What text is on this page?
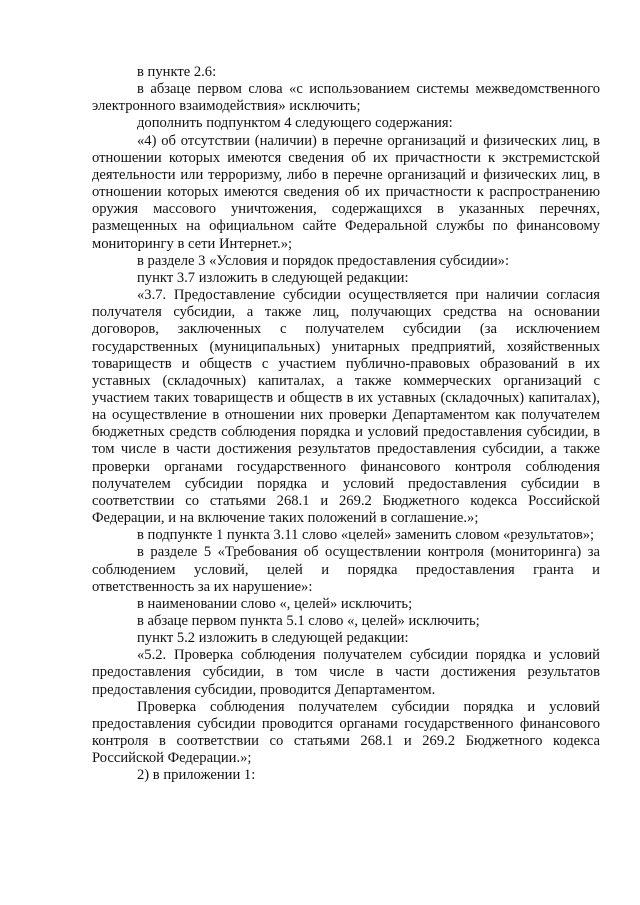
в пункте 2.6:

в абзаце первом слова «с использованием системы межведомственного электронного взаимодействия» исключить;

дополнить подпунктом 4 следующего содержания:

«4) об отсутствии (наличии) в перечне организаций и физических лиц, в отношении которых имеются сведения об их причастности к экстремистской деятельности или терроризму, либо в перечне организаций и физических лиц, в отношении которых имеются сведения об их причастности к распространению оружия массового уничтожения, содержащихся в указанных перечнях, размещенных на официальном сайте Федеральной службы по финансовому мониторингу в сети Интернет.»;

в разделе 3 «Условия и порядок предоставления субсидии»:

пункт 3.7 изложить в следующей редакции:

«3.7. Предоставление субсидии осуществляется при наличии согласия получателя субсидии, а также лиц, получающих средства на основании договоров, заключенных с получателем субсидии (за исключением государственных (муниципальных) унитарных предприятий, хозяйственных товариществ и обществ с участием публично-правовых образований в их уставных (складочных) капиталах, а также коммерческих организаций с участием таких товариществ и обществ в их уставных (складочных) капиталах), на осуществление в отношении них проверки Департаментом как получателем бюджетных средств соблюдения порядка и условий предоставления субсидии, в том числе в части достижения результатов предоставления субсидии, а также проверки органами государственного финансового контроля соблюдения получателем субсидии порядка и условий предоставления субсидии в соответствии со статьями 268.1 и 269.2 Бюджетного кодекса Российской Федерации, и на включение таких положений в соглашение.»;

в подпункте 1 пункта 3.11 слово «целей» заменить словом «результатов»;

в разделе 5 «Требования об осуществлении контроля (мониторинга) за соблюдением условий, целей и порядка предоставления гранта и ответственность за их нарушение»:

в наименовании слово «, целей» исключить;

в абзаце первом пункта 5.1 слово «, целей» исключить;

пункт 5.2 изложить в следующей редакции:

«5.2. Проверка соблюдения получателем субсидии порядка и условий предоставления субсидии, в том числе в части достижения результатов предоставления субсидии, проводится Департаментом.

Проверка соблюдения получателем субсидии порядка и условий предоставления субсидии проводится органами государственного финансового контроля в соответствии со статьями 268.1 и 269.2 Бюджетного кодекса Российской Федерации.»;

2) в приложении 1:
